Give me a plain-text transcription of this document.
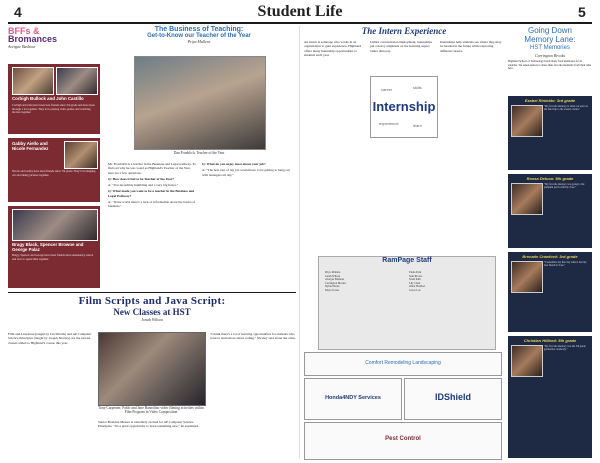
4	Student Life	5
BFFs &
Bromances
Avergae Bashour
Corbigh Bullock and John Castillo
Corbigh and John have been best friends since 3rd grade and have been through a lot together. They love playing video games and watching movies together.
Gabby Aiello and Nicole Fernandez
Nicole and Gabby have been friends since 7th grade. They love hanging out and taking pictures together.
Bragy Black, Spencer Browne and George Palaz
Bragy, Spencer and George have been friends since elementary school and love to spend time together.
The Business of Teaching:
Get-to-Know our Teacher of the Year
Priya Mallera
Dan Fronhlich, Teacher of the Year

Mr. Fronhlich is a teacher in the Business and Legal pathway. To find out why he was voted as Highland's Teacher of the Year, here are a few questions.

Q: How does it feel to be Teacher of the Year?

A: "It is incredibly humbling and a very big honor."

Q: What made you want to be a teacher in the Business and Legal Pathway?

A: "In the world there's a lack of information about the basics of business."

Q: What do you enjoy most about your job?

A: "The best part of my job would have to be getting to hang out with teenagers all day."

Film Scripts and Java Script:
New Classes at HST
Jonah Wilson
Film and Literature (taught by Lin Smolla) and AP Computer Science Principles (taught by Joseph Niceley) are the newest classes added to Highland's course this year.
Tony Carpenter, Pablo and Jane Ranzolino video filming activities within Film Program in Video Composition
Senior Brandon Messer is extremely excited for AP Computer Science Principles. "It's a great opportunity to learn something new," he explained.
"I think there's a lot of learning opportunities for students who want to learn more about coding," Niceley said about the class.
The Intern Experience
An intern is someone who works in an organization to gain experience. Highland offers many internship opportunities to students each year.
Internship
career	skills
experience	learn
Unlike conventional employment, internships put a heavy emphasis on the learning aspect rather than pay.
Internships help students see where they may be headed in the future while exploring different careers.
RamPage Staff
Priya Mallera
Jonah Wilson
Avergae Bashour
Carrington Brooks
Dylan Harris
Maya Torres
Elena Park
Sam Rivera
Noah Kim
Lily Chen
Omar Haddad
Grace Lee
Comfort Remodeling Landscaping
Honda4NDY Services	IDShield
Pest Control
Going Down
Memory Lane:
HST Memories
Carrington Brooks
Highland School of Technology holds many fond memories for its students. We asked seniors to share their favorite moments from their time here.
Ezabel Rinieido: 3rd grade
"My favorite memory is when we went on the field trip to the science center."
Rossa Deluca: 5th grade
"My favorite memory was going to the pumpkin patch with my class."
Brecade Crawford: 3rd grade
"I remember my first day when I met my best friend in class."
Christian Hilliard: 5th grade
"My favorite memory was the 5th grade graduation ceremony."
